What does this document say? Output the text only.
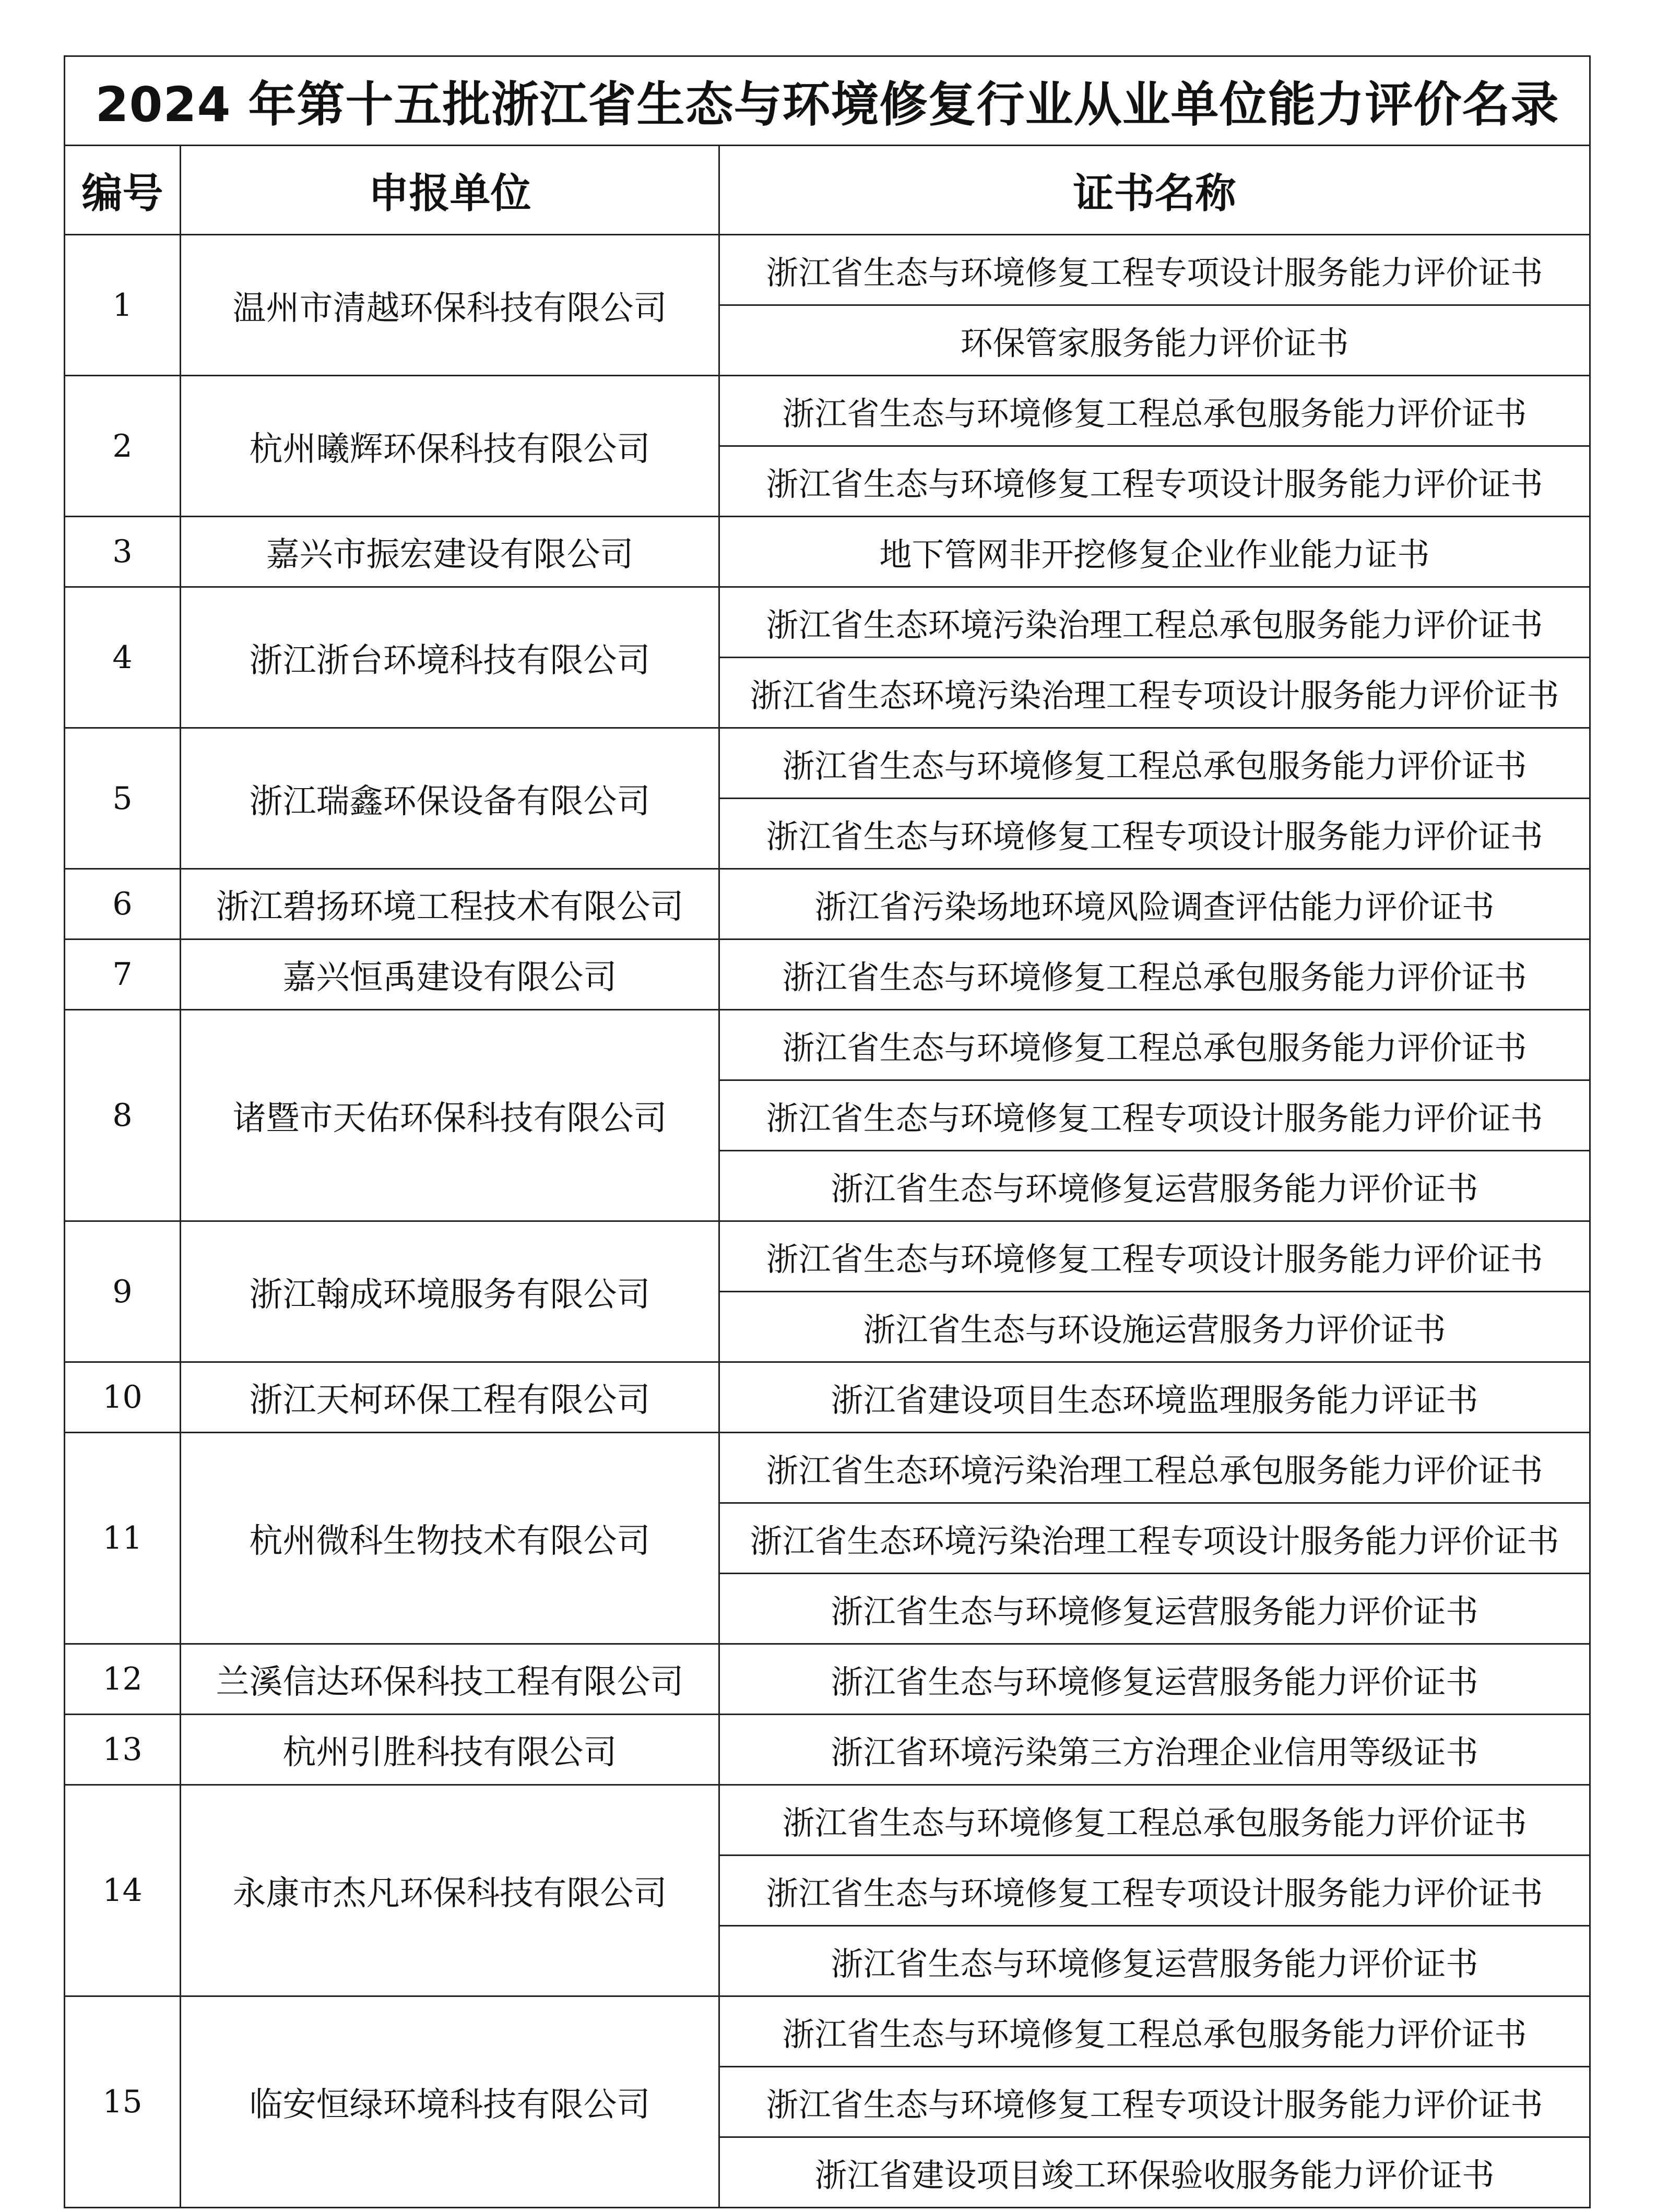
2024 年第十五批浙江省生态与环境修复行业从业单位能力评价名录		
编号	申报单位	证书名称
1	温州市清越环保科技有限公司	浙江省生态与环境修复工程专项设计服务能力评价证书
		环保管家服务能力评价证书
2	杭州曦辉环保科技有限公司	浙江省生态与环境修复工程总承包服务能力评价证书
		浙江省生态与环境修复工程专项设计服务能力评价证书
3	嘉兴市振宏建设有限公司	地下管网非开挖修复企业作业能力证书
4	浙江浙台环境科技有限公司	浙江省生态环境污染治理工程总承包服务能力评价证书
		浙江省生态环境污染治理工程专项设计服务能力评价证书
5	浙江瑞鑫环保设备有限公司	浙江省生态与环境修复工程总承包服务能力评价证书
		浙江省生态与环境修复工程专项设计服务能力评价证书
6	浙江碧扬环境工程技术有限公司	浙江省污染场地环境风险调查评估能力评价证书
7	嘉兴恒禹建设有限公司	浙江省生态与环境修复工程总承包服务能力评价证书
8	诸暨市天佑环保科技有限公司	浙江省生态与环境修复工程总承包服务能力评价证书
		浙江省生态与环境修复工程专项设计服务能力评价证书
		浙江省生态与环境修复运营服务能力评价证书
9	浙江翰成环境服务有限公司	浙江省生态与环境修复工程专项设计服务能力评价证书
		浙江省生态与环设施运营服务力评价证书
10	浙江天柯环保工程有限公司	浙江省建设项目生态环境监理服务能力评证书
11	杭州微科生物技术有限公司	浙江省生态环境污染治理工程总承包服务能力评价证书
		浙江省生态环境污染治理工程专项设计服务能力评价证书
		浙江省生态与环境修复运营服务能力评价证书
12	兰溪信达环保科技工程有限公司	浙江省生态与环境修复运营服务能力评价证书
13	杭州引胜科技有限公司	浙江省环境污染第三方治理企业信用等级证书
14	永康市杰凡环保科技有限公司	浙江省生态与环境修复工程总承包服务能力评价证书
		浙江省生态与环境修复工程专项设计服务能力评价证书
		浙江省生态与环境修复运营服务能力评价证书
15	临安恒绿环境科技有限公司	浙江省生态与环境修复工程总承包服务能力评价证书
		浙江省生态与环境修复工程专项设计服务能力评价证书
		浙江省建设项目竣工环保验收服务能力评价证书
